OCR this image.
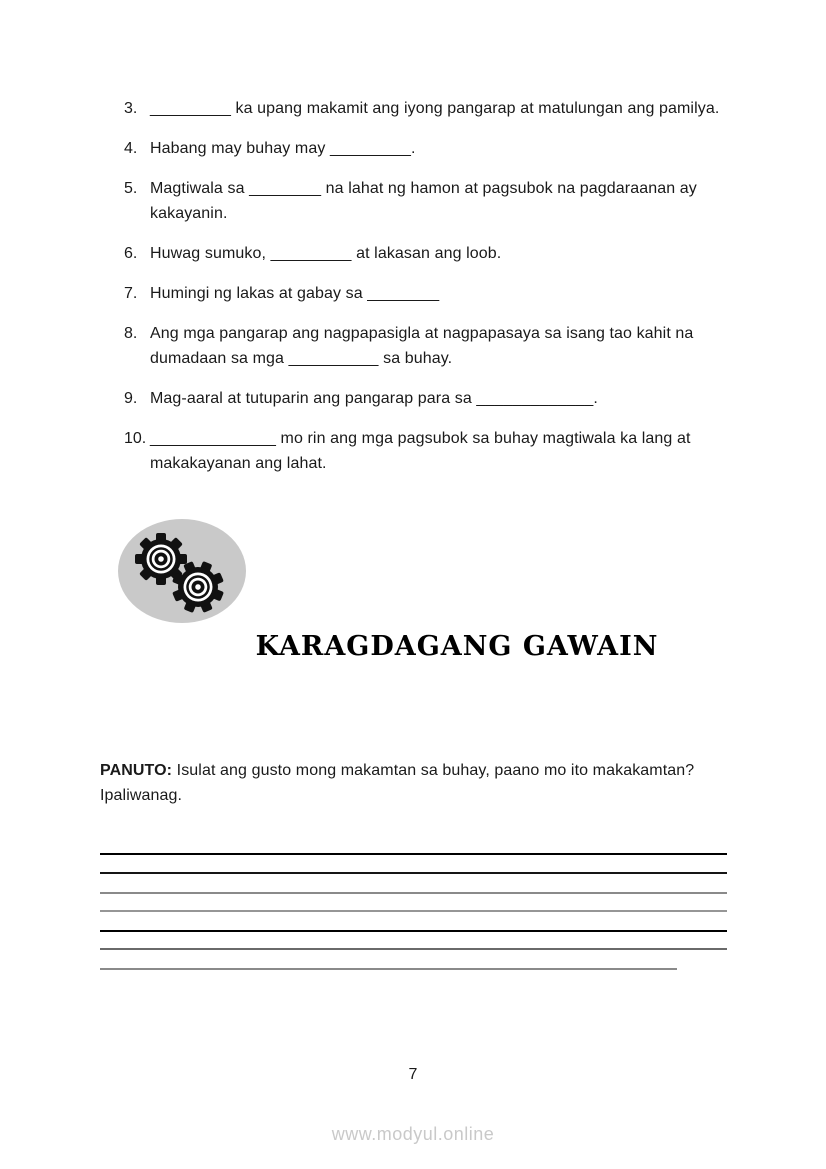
3. _________ ka upang makamit ang iyong pangarap at matulungan ang pamilya.
4. Habang may buhay may _________.
5. Magtiwala sa ________ na lahat ng hamon at pagsubok na pagdaraanan ay kakayanin.
6. Huwag sumuko, _________ at lakasan ang loob.
7. Humingi ng lakas at gabay sa ________
8. Ang mga pangarap ang nagpapasigla at nagpapasaya sa isang tao kahit na dumadaan sa mga __________ sa buhay.
9. Mag-aaral at tutuparin ang pangarap para sa _____________.
10. ______________ mo rin ang mga pagsubok sa buhay magtiwala ka lang at makakayanan ang lahat.
KARAGDAGANG GAWAIN

PANUTO: Isulat ang gusto mong makamtan sa buhay, paano mo ito makakamtan? Ipaliwanag.

7
www.modyul.online
